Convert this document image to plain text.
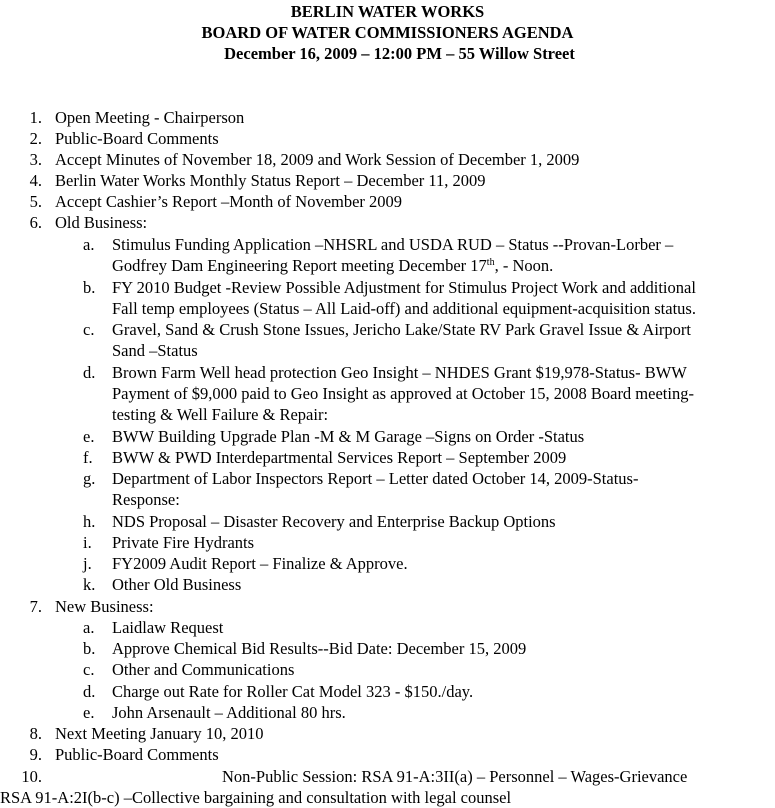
BERLIN WATER WORKS
BOARD OF WATER COMMISSIONERS AGENDA
December 16, 2009 – 12:00 PM – 55 Willow Street
1. Open Meeting - Chairperson
2. Public-Board Comments
3. Accept Minutes of November 18, 2009 and Work Session of December 1, 2009
4. Berlin Water Works Monthly Status Report – December 11, 2009
5. Accept Cashier’s Report –Month of November 2009
6. Old Business:
a.	Stimulus Funding Application –NHSRL and USDA RUD – Status --Provan-Lorber –
Godfrey Dam Engineering Report meeting December 17th, - Noon.
b.	FY 2010 Budget -Review Possible Adjustment for Stimulus Project Work and additional
Fall temp employees (Status – All Laid-off) and additional equipment-acquisition status.
c.	Gravel, Sand & Crush Stone Issues, Jericho Lake/State RV Park Gravel Issue & Airport
Sand –Status
d.	Brown Farm Well head protection Geo Insight – NHDES Grant $19,978-Status- BWW
Payment of $9,000 paid to Geo Insight as approved at October 15, 2008 Board meeting-
testing & Well Failure & Repair:
e.	BWW Building Upgrade Plan -M & M Garage –Signs on Order -Status
f.	BWW & PWD Interdepartmental Services Report – September 2009
g.	Department of Labor Inspectors Report – Letter dated October 14, 2009-Status-
Response:
h.	NDS Proposal – Disaster Recovery and Enterprise Backup Options
i.	Private Fire Hydrants
j.	FY2009 Audit Report – Finalize & Approve.
k.	Other Old Business
7. New Business:
a.	Laidlaw Request
b.	Approve Chemical Bid Results--Bid Date: December 15, 2009
c.	Other and Communications
d.	Charge out Rate for Roller Cat Model 323 - $150./day.
e.	John Arsenault – Additional 80 hrs.
8. Next Meeting January 10, 2010
9. Public-Board Comments
10.	Non-Public Session: RSA 91-A:3II(a) – Personnel – Wages-Grievance
RSA 91-A:2I(b-c) –Collective bargaining and consultation with legal counsel
